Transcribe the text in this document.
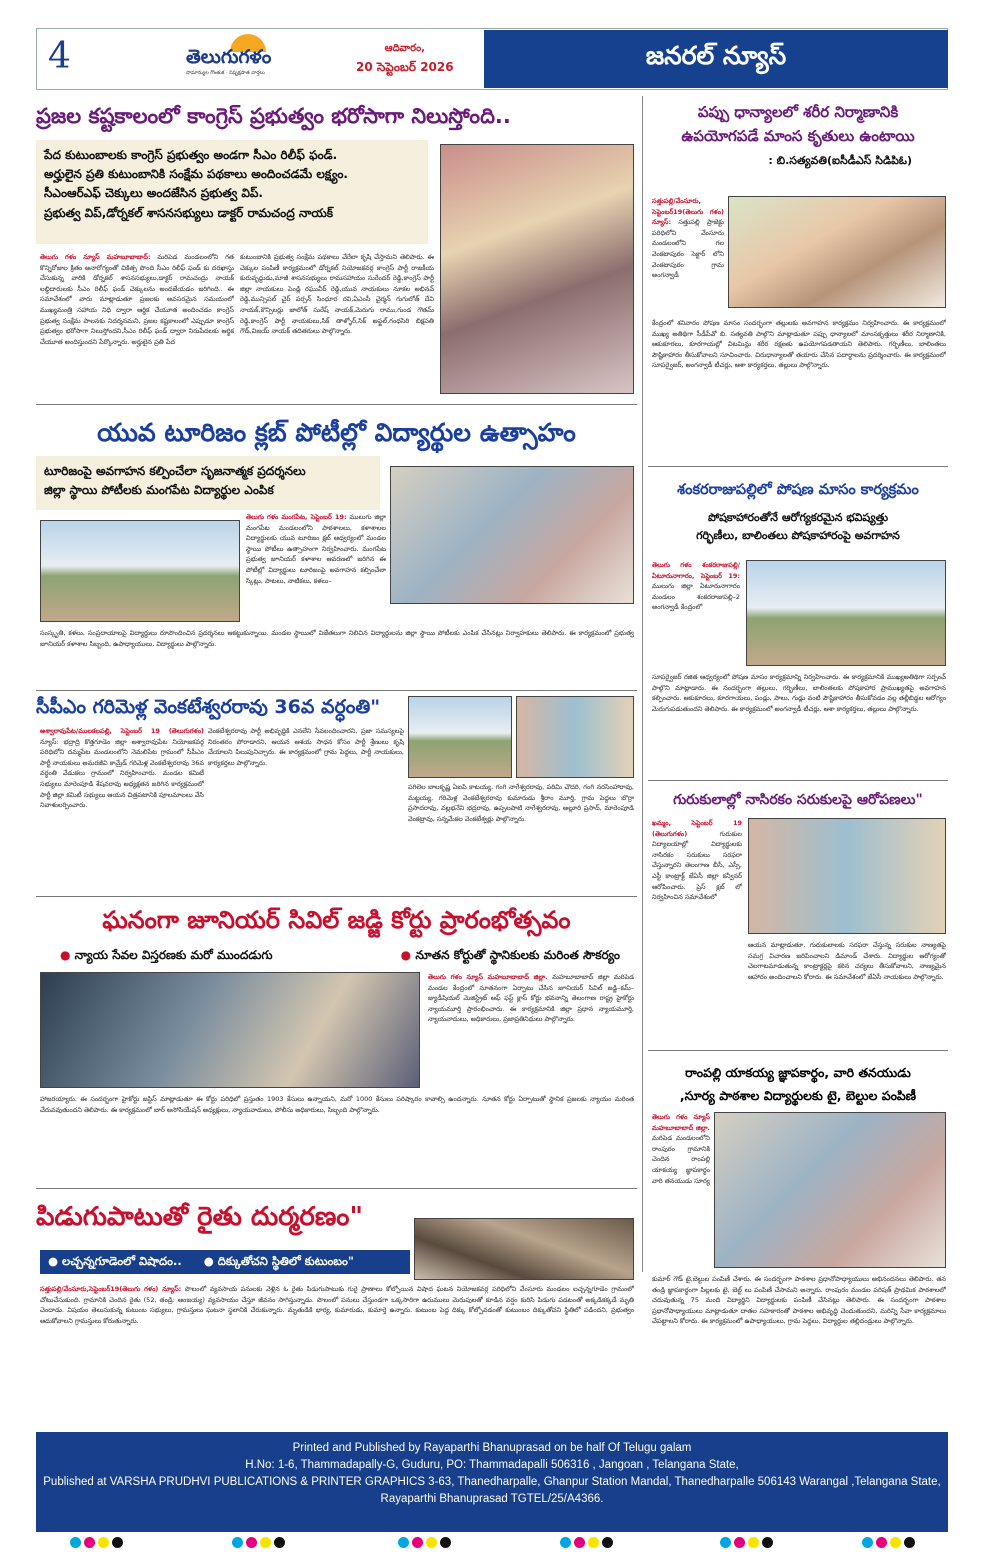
4	తెలుగుగళం
సామాన్యుల గొంతుక · నిష్పక్షపాత వార్తలు
ఆదివారం,
20 సెప్టెంబర్ 2026	జనరల్ న్యూస్
ప్రజల కష్టకాలంలో కాంగ్రెస్ ప్రభుత్వం భరోసాగా నిలుస్తోంది..
పేద కుటుంబాలకు కాంగ్రెస్ ప్రభుత్వం అండగా సీఎం రిలీఫ్ ఫండ్.
అర్హులైన ప్రతి కుటుంబానికి సంక్షేమ పథకాలు అందించడమే లక్ష్యం.
సీఎంఆర్ఎఫ్ చెక్కులు అందజేసిన ప్రభుత్వ విప్.
ప్రభుత్వ విప్,డోర్నకల్ శాసనసభ్యులు డాక్టర్ రామచంద్ర నాయక్
తెలుగు గళం న్యూస్ మహబూబాబాద్: మరిపెడ మండలంలోని గత కొన్నిరోజుల క్రితం అనారోగ్యంతో చికిత్స పొంది సీఎం రిలీఫ్ ఫండ్ కు దరఖాస్తు చేసుకున్న వారికి డోర్నకల్ శాసనసభ్యులు,డాక్టర్ రామచంద్రు నాయక్ లబ్ధిదారులకు సీఎం రిలీఫ్ ఫండ్ చెక్కులను అందజేయడం జరిగింది.. ఈ సమావేశంలో వారు మాట్లాడుతూ ప్రజలకు అవసరమైన సమయంలో ముఖ్యమంత్రి సహాయ నిధి ద్వారా ఆర్థిక చేయూత అందించడం కాంగ్రెస్ ప్రభుత్వ సంక్షేమ పాలనకు నిదర్శనమని, ప్రజల కష్టకాలంలో ఎప్పుడూ కాంగ్రెస్ ప్రభుత్వం భరోసాగా నిలుస్తోందని,సీఎం రిలీఫ్ ఫండ్ ద్వారా నిరుపేదలకు ఆర్థిక చేయూత అందిస్తుందని పేర్కొన్నారు. అర్హులైన ప్రతి పేద
కుటుంబానికి ప్రభుత్వ సంక్షేమ పథకాలు చేరేలా కృషి చేస్తామని తెలిపారు. ఈ చెక్కుల పంపిణీ కార్యక్రమంలో డోర్నకల్ నియోజకవర్గ కాంగ్రెస్ పార్టీ రాజకీయ కురువృద్ధుడు,మాజీ శాసనసభ్యులు రామసహాయం సురేందర్ రెడ్డి,కాంగ్రెస్ పార్టీ జిల్లా నాయకులు పెండ్లి రఘువీర్ రెడ్డి,యువ నాయకులు నూకల అభినవ్ రెడ్డి,మున్సిపల్ చైర్ పర్సన్ సింధూర రవి,ఏఎంసీ చైర్మన్ గుగులోత్ దేవి నాయక్,కౌన్సిలర్లు జాలోత్ సురేష్ నాయక్,మెరుగు రాము,గుండ గౌతమ్ రెడ్డి,కాంగ్రెస్ పార్టీ నాయకులు,సిక్ తాళ్ళోర్,సిక్ అఫ్జల్,గంధసిరి బిక్షపతి గౌడ్,విజయ్ నాయక్ తదితరులు పాల్గొన్నారు.
యువ టూరిజం క్లబ్ పోటీల్లో విద్యార్థుల ఉత్సాహం
టూరిజంపై అవగాహన కల్పించేలా సృజనాత్మక ప్రదర్శనలు
జిల్లా స్థాయి పోటీలకు మంగపేట విద్యార్థుల ఎంపిక
తెలుగు గళం మంగపేట, సెప్టెంబర్ 19: ములుగు జిల్లా మంగపేట మండలంలోని పాఠశాలలు, కళాశాలల విద్యార్థులకు యువ టూరిజం క్లబ్ ఆధ్వర్యంలో మండల స్థాయి పోటీలు ఉత్సాహంగా నిర్వహించారు. మంగపేట ప్రభుత్వ జూనియర్ కళాశాల ఆవరణలో జరిగిన ఈ పోటీల్లో విద్యార్థులు టూరిజంపై అవగాహన కల్పించేలా స్కిట్లు, పాటలు, నాటికలు, కళలు–
సంస్కృతి, కళలు, సంప్రదాయాలపై విద్యార్థులు రూపొందించిన ప్రదర్శనలు ఆకట్టుకున్నాయి. మండల స్థాయిలో విజేతలుగా నిలిచిన విద్యార్థులను జిల్లా స్థాయి పోటీలకు ఎంపిక చేసినట్లు నిర్వాహకులు తెలిపారు. ఈ కార్యక్రమంలో ప్రభుత్వ జూనియర్ కళాశాల సిబ్బంది, ఉపాధ్యాయులు, విద్యార్థులు పాల్గొన్నారు.
సీపీఎం గరిమెళ్ల వెంకటేశ్వరరావు 36వ వర్ధంతి"
అశ్వారావుపేట/ములకలపల్లి, సెప్టెంబర్ 19 (తెలుగుగళం) న్యూస్: భద్రాద్రి కొత్తగూడెం జిల్లా అశ్వారావుపేట నియోజకవర్గ పరిధిలోని దమ్మపేట మండలంలోని నెమలిపేట గ్రామంలో సీపీఎం పార్టీ నాయకులు అమరజీవి కామ్రేడ్ గరిమెళ్ల వెంకటేశ్వరరావు 36వ వర్ధంతి వేడుకలు గ్రామంలో నిర్వహించారు. మండల కమిటీ సభ్యులు మారెంపూడి శేషవరావు అధ్యక్షతన జరిగిన కార్యక్రమంలో పార్టీ జిల్లా కమిటీ సభ్యులు ఆయన చిత్రపటానికి పూలమాలలు వేసి నివాళులర్పించారు.
వెంకటేశ్వరరావు పార్టీ అభివృద్ధికి ఎనలేని సేవలందించారని, ప్రజా సమస్యలపై నిరంతరం పోరాడారని, ఆయన ఆశయ సాధన కోసం పార్టీ శ్రేణులు కృషి చేయాలని పిలుపునిచ్చారు. ఈ కార్యక్రమంలో గ్రామ పెద్దలు, పార్టీ నాయకులు, కార్యకర్తలు పాల్గొన్నారు.
పగిలెల బాలకృష్ణ ఏఐపి కాటయ్య, గంగి నాగేశ్వరరావు, పరిమి చౌదరి, గంగి నరసింహారావు, మట్టయ్య, గరిమెళ్ల వెంకటేశ్వరరావు కుమారుడు శ్రీరాం మూర్తి, గ్రామ పెద్దలు బొర్రా ప్రసాదరావు, వల్లభనేని భద్రరావు, ఉప్పలపాటి నాగేశ్వరరావు, అల్లూరి ప్రసాద్, మారెంపూడి వెంకట్రావు, సన్నమేకల వెంకటేశ్వర్లు పాల్గొన్నారు.
ఘనంగా జూనియర్ సివిల్ జడ్జి కోర్టు ప్రారంభోత్సవం
● న్యాయ సేవల విస్తరణకు మరో ముందడుగు	● నూతన కోర్టుతో స్థానికులకు మరింత సౌకర్యం
తెలుగు గళం న్యూస్ మహబూబాబాద్ జిల్లా. మహబూబాబాద్ జిల్లా మరిపెడ మండల కేంద్రంలో నూతనంగా ఏర్పాటు చేసిన జూనియర్ సివిల్ జడ్జి–కమ్–జ్యుడీషియల్ మెజిస్ట్రేట్ ఆఫ్ ఫస్ట్ క్లాస్ కోర్టు భవనాన్ని తెలంగాణ రాష్ట్ర హైకోర్టు న్యాయమూర్తి ప్రారంభించారు. ఈ కార్యక్రమానికి జిల్లా ప్రధాన న్యాయమూర్తి, న్యాయవాదులు, అధికారులు, ప్రజాప్రతినిధులు పాల్గొన్నారు.
హాజరయ్యారు. ఈ సందర్భంగా హైకోర్టు జస్టిస్ మాట్లాడుతూ ఈ కోర్టు పరిధిలో ప్రస్తుతం 1903 కేసులు ఉన్నాయని, మరో 1000 కేసులు పరిష్కారం కావాల్సి ఉందన్నారు. నూతన కోర్టు ఏర్పాటుతో స్థానిక ప్రజలకు న్యాయం మరింత చేరువవుతుందని తెలిపారు. ఈ కార్యక్రమంలో బార్ అసోసియేషన్ అధ్యక్షులు, న్యాయవాదులు, పోలీసు అధికారులు, సిబ్బంది పాల్గొన్నారు.
పిడుగుపాటుతో రైతు దుర్మరణం"
● లచ్చన్నగూడెంలో విషాదం.. ● దిక్కుతోచని స్థితిలో కుటుంబం"
సత్తుపల్లి/వేంసూరు,సెప్టెంబర్19(తెలుగు గళం) న్యూస్: పొలంలో వ్యవసాయ పనులకు వెళ్లిన ఓ రైతు పిడుగుపాటుకు గురై ప్రాణాలు కోల్పోయిన విషాద ఘటన నియోజకవర్గ పరిధిలోని వేంసూరు మండలం లచ్చన్నగూడెం గ్రామంలో చోటుచేసుకుంది. గ్రామానికి చెందిన రైతు (52, తండ్రి: ఆంజయ్య) వ్యవసాయం చేస్తూ జీవనం సాగిస్తున్నాడు. పొలంలో పనులు చేస్తుండగా ఒక్కసారిగా ఉరుములు మెరుపులతో కూడిన వర్షం కురిసి పిడుగు పడటంతో అక్కడికక్కడే మృతి చెందాడు. విషయం తెలుసుకున్న కుటుంబ సభ్యులు, గ్రామస్తులు ఘటనా స్థలానికి చేరుకున్నారు. మృతుడికి భార్య, కుమారుడు, కుమార్తె ఉన్నారు. కుటుంబ పెద్ద దిక్కు కోల్పోవడంతో కుటుంబం దిక్కుతోచని స్థితిలో పడిందని, ప్రభుత్వం ఆదుకోవాలని గ్రామస్తులు కోరుతున్నారు.
పప్పు ధాన్యాలలో శరీర నిర్మాణానికి
ఉపయోగపడే మాంస కృతులు ఉంటాయి
: బి.సత్యవతి(ఐసీడీఎస్ సిడిపిఓ)
సత్తుపల్లి/వేంసూరు, సెప్టెంబర్19(తెలుగు గళం) న్యూస్: సత్తుపల్లి ప్రాజెక్టు పరిధిలోని వేంసూరు మండలంలోని గల వెంకటాపురం సెక్టార్ లోని వెంకటాపురం గ్రామ అంగన్వాడీ
కేంద్రంలో శనివారం పోషణ మాసం సందర్భంగా తల్లులకు అవగాహన కార్యక్రమం నిర్వహించారు. ఈ కార్యక్రమంలో ముఖ్య అతిథిగా సీడీపీవో బి. సత్యవతి పాల్గొని మాట్లాడుతూ పప్పు ధాన్యాలలో మాంసకృత్తులు శరీర నిర్మాణానికి, ఆకుకూరలు, కూరగాయల్లో విటమిన్లు శరీర రక్షణకు ఉపయోగపడతాయని తెలిపారు. గర్భిణీలు, బాలింతలు పౌష్టికాహారం తీసుకోవాలని సూచించారు. చిరుధాన్యాలతో తయారు చేసిన పదార్థాలను ప్రదర్శించారు. ఈ కార్యక్రమంలో సూపర్వైజర్, అంగన్వాడీ టీచర్లు, ఆశా కార్యకర్తలు, తల్లులు పాల్గొన్నారు.
శంకరరాజుపల్లిలో పోషణ మాసం కార్యక్రమం
పోషకాహారంతోనే ఆరోగ్యకరమైన భవిష్యత్తు
గర్భిణీలు, బాలింతలు పోషకాహారంపై అవగాహన
తెలుగు గళం శంకరరాజుపల్లి/ ఏటూరునాగారం, సెప్టెంబర్ 19: ములుగు జిల్లా ఏటూరునాగారం మండలం శంకరరాజుపల్లి–2 అంగన్వాడీ కేంద్రంలో
సూపర్వైజర్ రజిత ఆధ్వర్యంలో పోషణ మాసం కార్యక్రమాన్ని నిర్వహించారు. ఈ కార్యక్రమానికి ముఖ్యఅతిథిగా సర్పంచ్ పాల్గొని మాట్లాడారు. ఈ సందర్భంగా తల్లులు, గర్భిణీలు, బాలింతలకు పోషకాహార ప్రాముఖ్యతపై అవగాహన కల్పించారు. ఆకుకూరలు, కూరగాయలు, పండ్లు, పాలు, గుడ్లు వంటి పౌష్టికాహారం తీసుకోవడం వల్ల తల్లీబిడ్డల ఆరోగ్యం మెరుగుపడుతుందని తెలిపారు. ఈ కార్యక్రమంలో అంగన్వాడీ టీచర్లు, ఆశా కార్యకర్తలు, తల్లులు పాల్గొన్నారు.
గురుకులాల్లో నాసిరకం సరుకులపై ఆరోపణలు"
ఖమ్మం, సెప్టెంబర్ 19 (తెలుగుగళం)	గురుకుల విద్యాలయాల్లో విద్యార్థులకు నాసిరకం సరుకులు సరఫరా చేస్తున్నారని తెలంగాణ బీసీ, ఎస్సీ, ఎస్టీ కాంట్రాక్ట్ జేఏసీ జిల్లా కన్వీనర్ ఆరోపించారు. ప్రెస్ క్లబ్ లో నిర్వహించిన సమావేశంలో
ఆయన మాట్లాడుతూ, గురుకులాలకు సరఫరా చేస్తున్న సరుకుల నాణ్యతపై సమగ్ర విచారణ జరిపించాలని డిమాండ్ చేశారు. విద్యార్థుల ఆరోగ్యంతో చెలగాటమాడుతున్న కాంట్రాక్టర్లపై కఠిన చర్యలు తీసుకోవాలని, నాణ్యమైన ఆహారం అందించాలని కోరారు. ఈ సమావేశంలో జేఏసీ నాయకులు పాల్గొన్నారు.
రాంపల్లి యాకయ్య జ్ఞాపకార్థం, వారి తనయుడు
,సూర్య పాఠశాల విద్యార్థులకు టై, బెల్టుల పంపిణీ
తెలుగు గళం న్యూస్ మహబూబాబాద్ జిల్లా. మరిపెడ మండలంలోని రాంపురం గ్రామానికి చెందిన రాంపల్లి యాకయ్య జ్ఞాపకార్థం వారి తనయుడు సూర్య
కుమార్ గౌడ్ టై,బెల్టుల పంపిణీ చేశారు. ఈ సందర్భంగా పాఠశాల ప్రధానోపాధ్యాయులు అభినందనలు తెలిపారు. తన తండ్రి జ్ఞాపకార్థంగా పిల్లలకు టై, బెల్ట్ లు పంపిణీ చేసామని అన్నారు. రాంపురం మండల పరిషత్ ప్రాథమిక పాఠశాలలో చదువుతున్న 75 మంది విద్యార్థిని విద్యార్థులకు పంపిణీ చేసినట్లు తెలిపారు. ఈ సందర్భంగా పాఠశాల ప్రధానోపాధ్యాయులు మాట్లాడుతూ దాతల సహకారంతో పాఠశాల అభివృద్ధి చెందుతుందని, మరిన్ని సేవా కార్యక్రమాలు చేపట్టాలని కోరారు. ఈ కార్యక్రమంలో ఉపాధ్యాయులు, గ్రామ పెద్దలు, విద్యార్థుల తల్లిదండ్రులు పాల్గొన్నారు.
Printed and Published by Rayaparthi Bhanuprasad on be half Of Telugu galam
H.No: 1-6, Thammadapally-G, Guduru, PO: Thammadapalli 506316 , Jangoan , Telangana State,
Published at VARSHA PRUDHVI PUBLICATIONS & PRINTER GRAPHICS 3-63, Thanedharpalle, Ghanpur Station Mandal, Thanedharpalle 506143 Warangal ,Telangana State,
Rayaparthi Bhanuprasad TGTEL/25/A4366.
